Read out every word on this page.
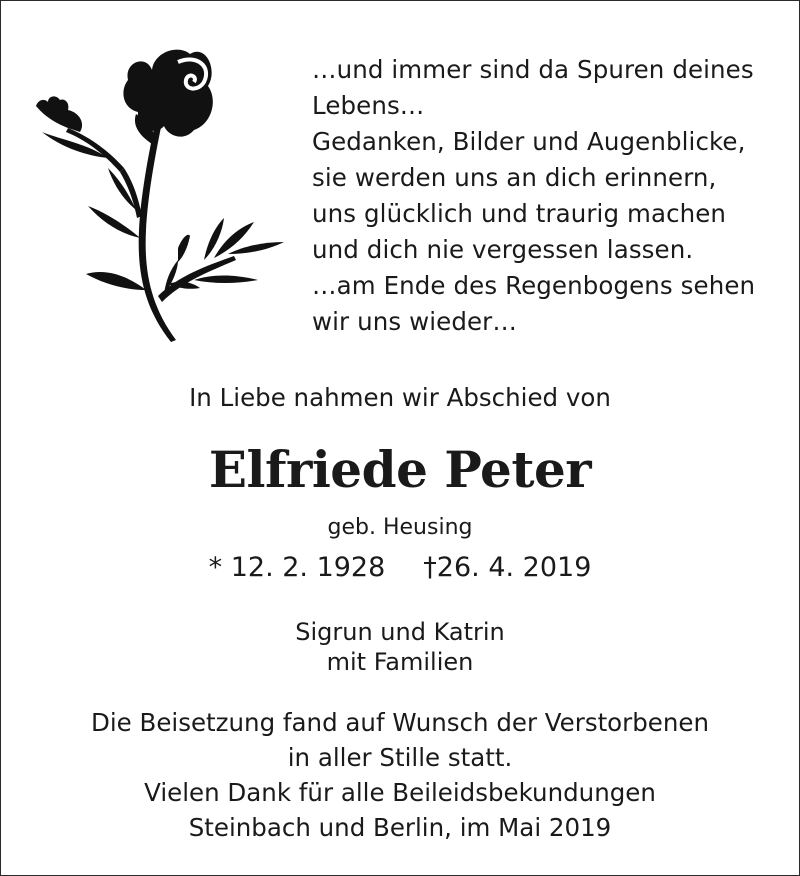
…und immer sind da Spuren deines
Lebens…
Gedanken, Bilder und Augenblicke,
sie werden uns an dich erinnern,
uns glücklich und traurig machen
und dich nie vergessen lassen.
…am Ende des Regenbogens sehen
wir uns wieder…
In Liebe nahmen wir Abschied von
Elfriede Peter
geb. Heusing
* 12. 2. 1928 †26. 4. 2019
Sigrun und Katrin
mit Familien
Die Beisetzung fand auf Wunsch der Verstorbenen
in aller Stille statt.
Vielen Dank für alle Beileidsbekundungen
Steinbach und Berlin, im Mai 2019
